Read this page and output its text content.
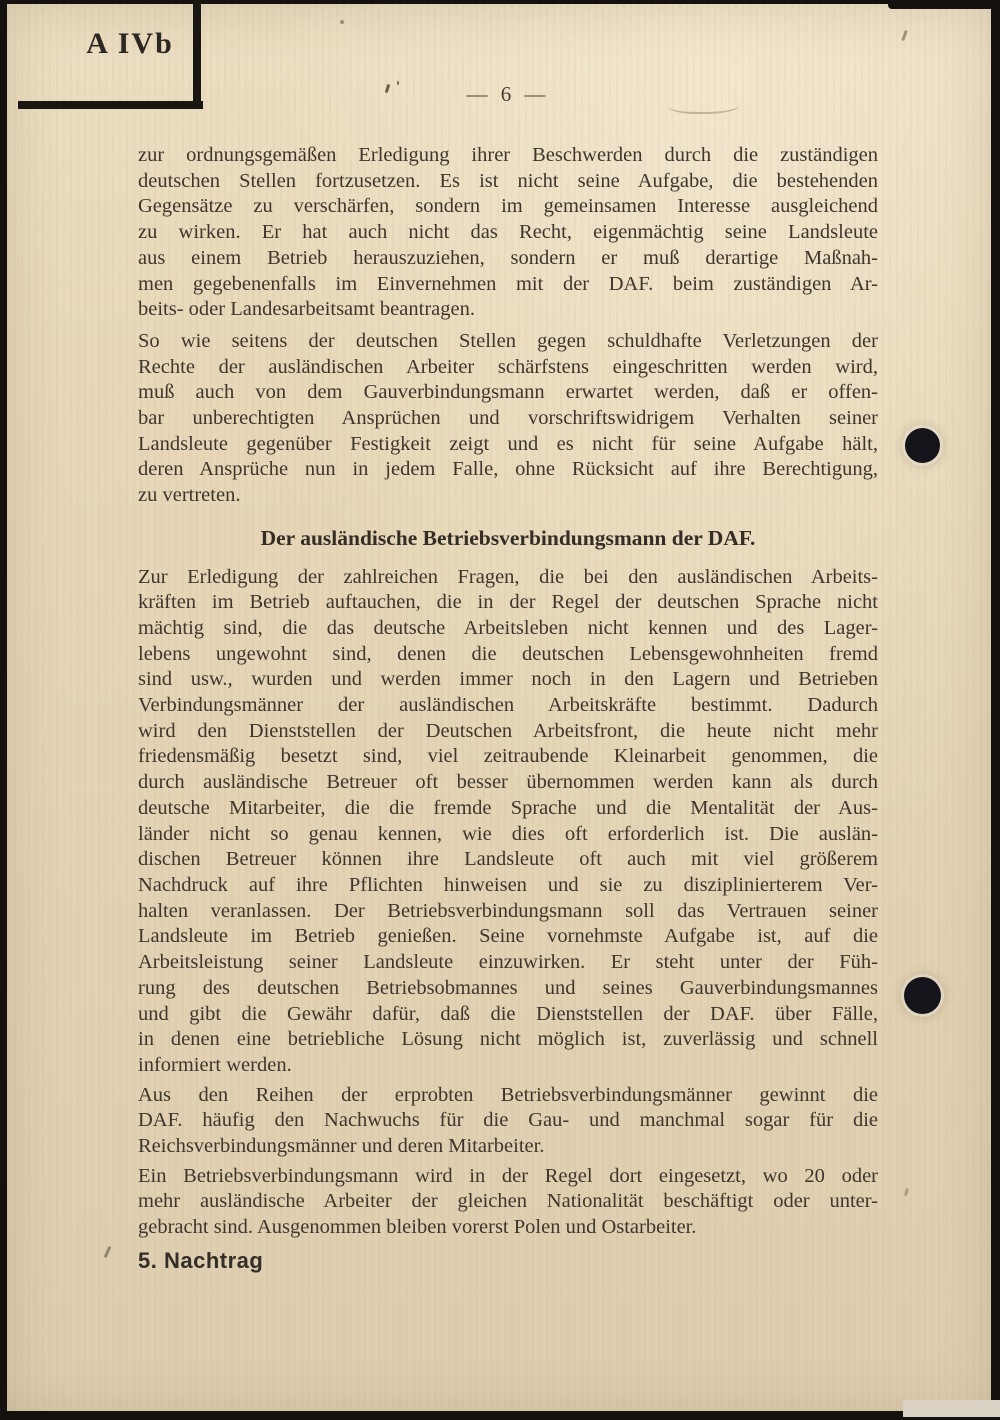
A IVb
— 6 —
zur ordnungsgemäßen Erledigung ihrer Beschwerden durch die zuständigen
deutschen Stellen fortzusetzen. Es ist nicht seine Aufgabe, die bestehenden
Gegensätze zu verschärfen, sondern im gemeinsamen Interesse ausgleichend
zu wirken. Er hat auch nicht das Recht, eigenmächtig seine Landsleute
aus einem Betrieb herauszuziehen, sondern er muß derartige Maßnah-
men gegebenenfalls im Einvernehmen mit der DAF. beim zuständigen Ar-
beits- oder Landesarbeitsamt beantragen.
So wie seitens der deutschen Stellen gegen schuldhafte Verletzungen der
Rechte der ausländischen Arbeiter schärfstens eingeschritten werden wird,
muß auch von dem Gauverbindungsmann erwartet werden, daß er offen-
bar unberechtigten Ansprüchen und vorschriftswidrigem Verhalten seiner
Landsleute gegenüber Festigkeit zeigt und es nicht für seine Aufgabe hält,
deren Ansprüche nun in jedem Falle, ohne Rücksicht auf ihre Berechtigung,
zu vertreten.
Der ausländische Betriebsverbindungsmann der DAF.
Zur Erledigung der zahlreichen Fragen, die bei den ausländischen Arbeits-
kräften im Betrieb auftauchen, die in der Regel der deutschen Sprache nicht
mächtig sind, die das deutsche Arbeitsleben nicht kennen und des Lager-
lebens ungewohnt sind, denen die deutschen Lebensgewohnheiten fremd
sind usw., wurden und werden immer noch in den Lagern und Betrieben
Verbindungsmänner der ausländischen Arbeitskräfte bestimmt. Dadurch
wird den Dienststellen der Deutschen Arbeitsfront, die heute nicht mehr
friedensmäßig besetzt sind, viel zeitraubende Kleinarbeit genommen, die
durch ausländische Betreuer oft besser übernommen werden kann als durch
deutsche Mitarbeiter, die die fremde Sprache und die Mentalität der Aus-
länder nicht so genau kennen, wie dies oft erforderlich ist. Die auslän-
dischen Betreuer können ihre Landsleute oft auch mit viel größerem
Nachdruck auf ihre Pflichten hinweisen und sie zu disziplinierterem Ver-
halten veranlassen. Der Betriebsverbindungsmann soll das Vertrauen seiner
Landsleute im Betrieb genießen. Seine vornehmste Aufgabe ist, auf die
Arbeitsleistung seiner Landsleute einzuwirken. Er steht unter der Füh-
rung des deutschen Betriebsobmannes und seines Gauverbindungsmannes
und gibt die Gewähr dafür, daß die Dienststellen der DAF. über Fälle,
in denen eine betriebliche Lösung nicht möglich ist, zuverlässig und schnell
informiert werden.
Aus den Reihen der erprobten Betriebsverbindungsmänner gewinnt die
DAF. häufig den Nachwuchs für die Gau- und manchmal sogar für die
Reichsverbindungsmänner und deren Mitarbeiter.
Ein Betriebsverbindungsmann wird in der Regel dort eingesetzt, wo 20 oder
mehr ausländische Arbeiter der gleichen Nationalität beschäftigt oder unter-
gebracht sind. Ausgenommen bleiben vorerst Polen und Ostarbeiter.
5. Nachtrag
